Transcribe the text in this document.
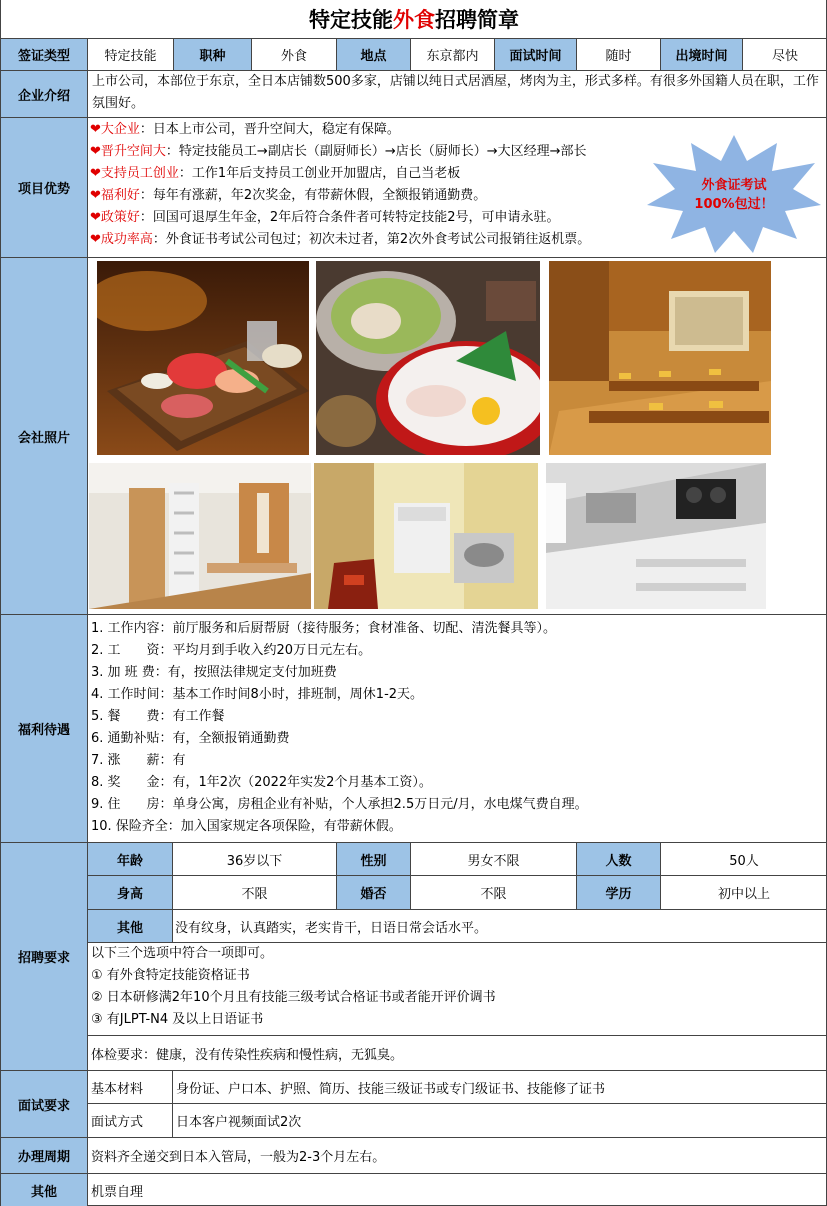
特定技能 外食 招聘简章
签证类型	特定技能	职种	外食	地点	东京都内	面试时间	随时	出境时间	尽快
企业介绍
上市公司，本部位于东京，全日本店铺数500多家，店铺以纯日式居酒屋，烤肉为主，形式多样。有很多外国籍人员在职，工作氛围好。
项目优势
❤大企业：日本上市公司，晋升空间大，稳定有保障。
❤晋升空间大：特定技能员工→副店长（副厨师长）→店长（厨师长）→大区经理→部长
❤支持员工创业：工作1年后支持员工创业开加盟店，自己当老板
❤福利好：每年有涨薪，年2次奖金，有带薪休假，全额报销通勤费。
❤政策好：回国可退厚生年金，2年后符合条件者可转特定技能2号，可申请永驻。
❤成功率高：外食证书考试公司包过；初次未过者，第2次外食考试公司报销往返机票。
外食证考试
100%包过！
会社照片
福利待遇
1. 工作内容：前厅服务和后厨帮厨（接待服务；食材准备、切配、清洗餐具等）。
2. 工　　资：平均月到手收入约20万日元左右。
3. 加 班 费：有，按照法律规定支付加班费
4. 工作时间：基本工作时间8小时，排班制，周休1-2天。
5. 餐　　费：有工作餐
6. 通勤补贴：有，全额报销通勤费
7. 涨　　薪：有
8. 奖　　金：有，1年2次（2022年实发2个月基本工资）。
9. 住　　房：单身公寓，房租企业有补贴，个人承担2.5万日元/月，水电煤气费自理。
10. 保险齐全：加入国家规定各项保险，有带薪休假。
招聘要求
年龄	36岁以下	性别	男女不限	人数	50人
身高	不限	婚否	不限	学历	初中以上
其他	没有纹身，认真踏实，老实肯干，日语日常会话水平。
以下三个选项中符合一项即可。
① 有外食特定技能资格证书
② 日本研修满2年10个月且有技能三级考试合格证书或者能开评价调书
③ 有JLPT-N4 及以上日语证书
体检要求：健康，没有传染性疾病和慢性病，无狐臭。
面试要求
基本材料	身份证、户口本、护照、简历、技能三级证书或专门级证书、技能修了证书
面试方式	日本客户视频面试2次
办理周期	资料齐全递交到日本入管局，一般为2-3个月左右。
其他	机票自理
